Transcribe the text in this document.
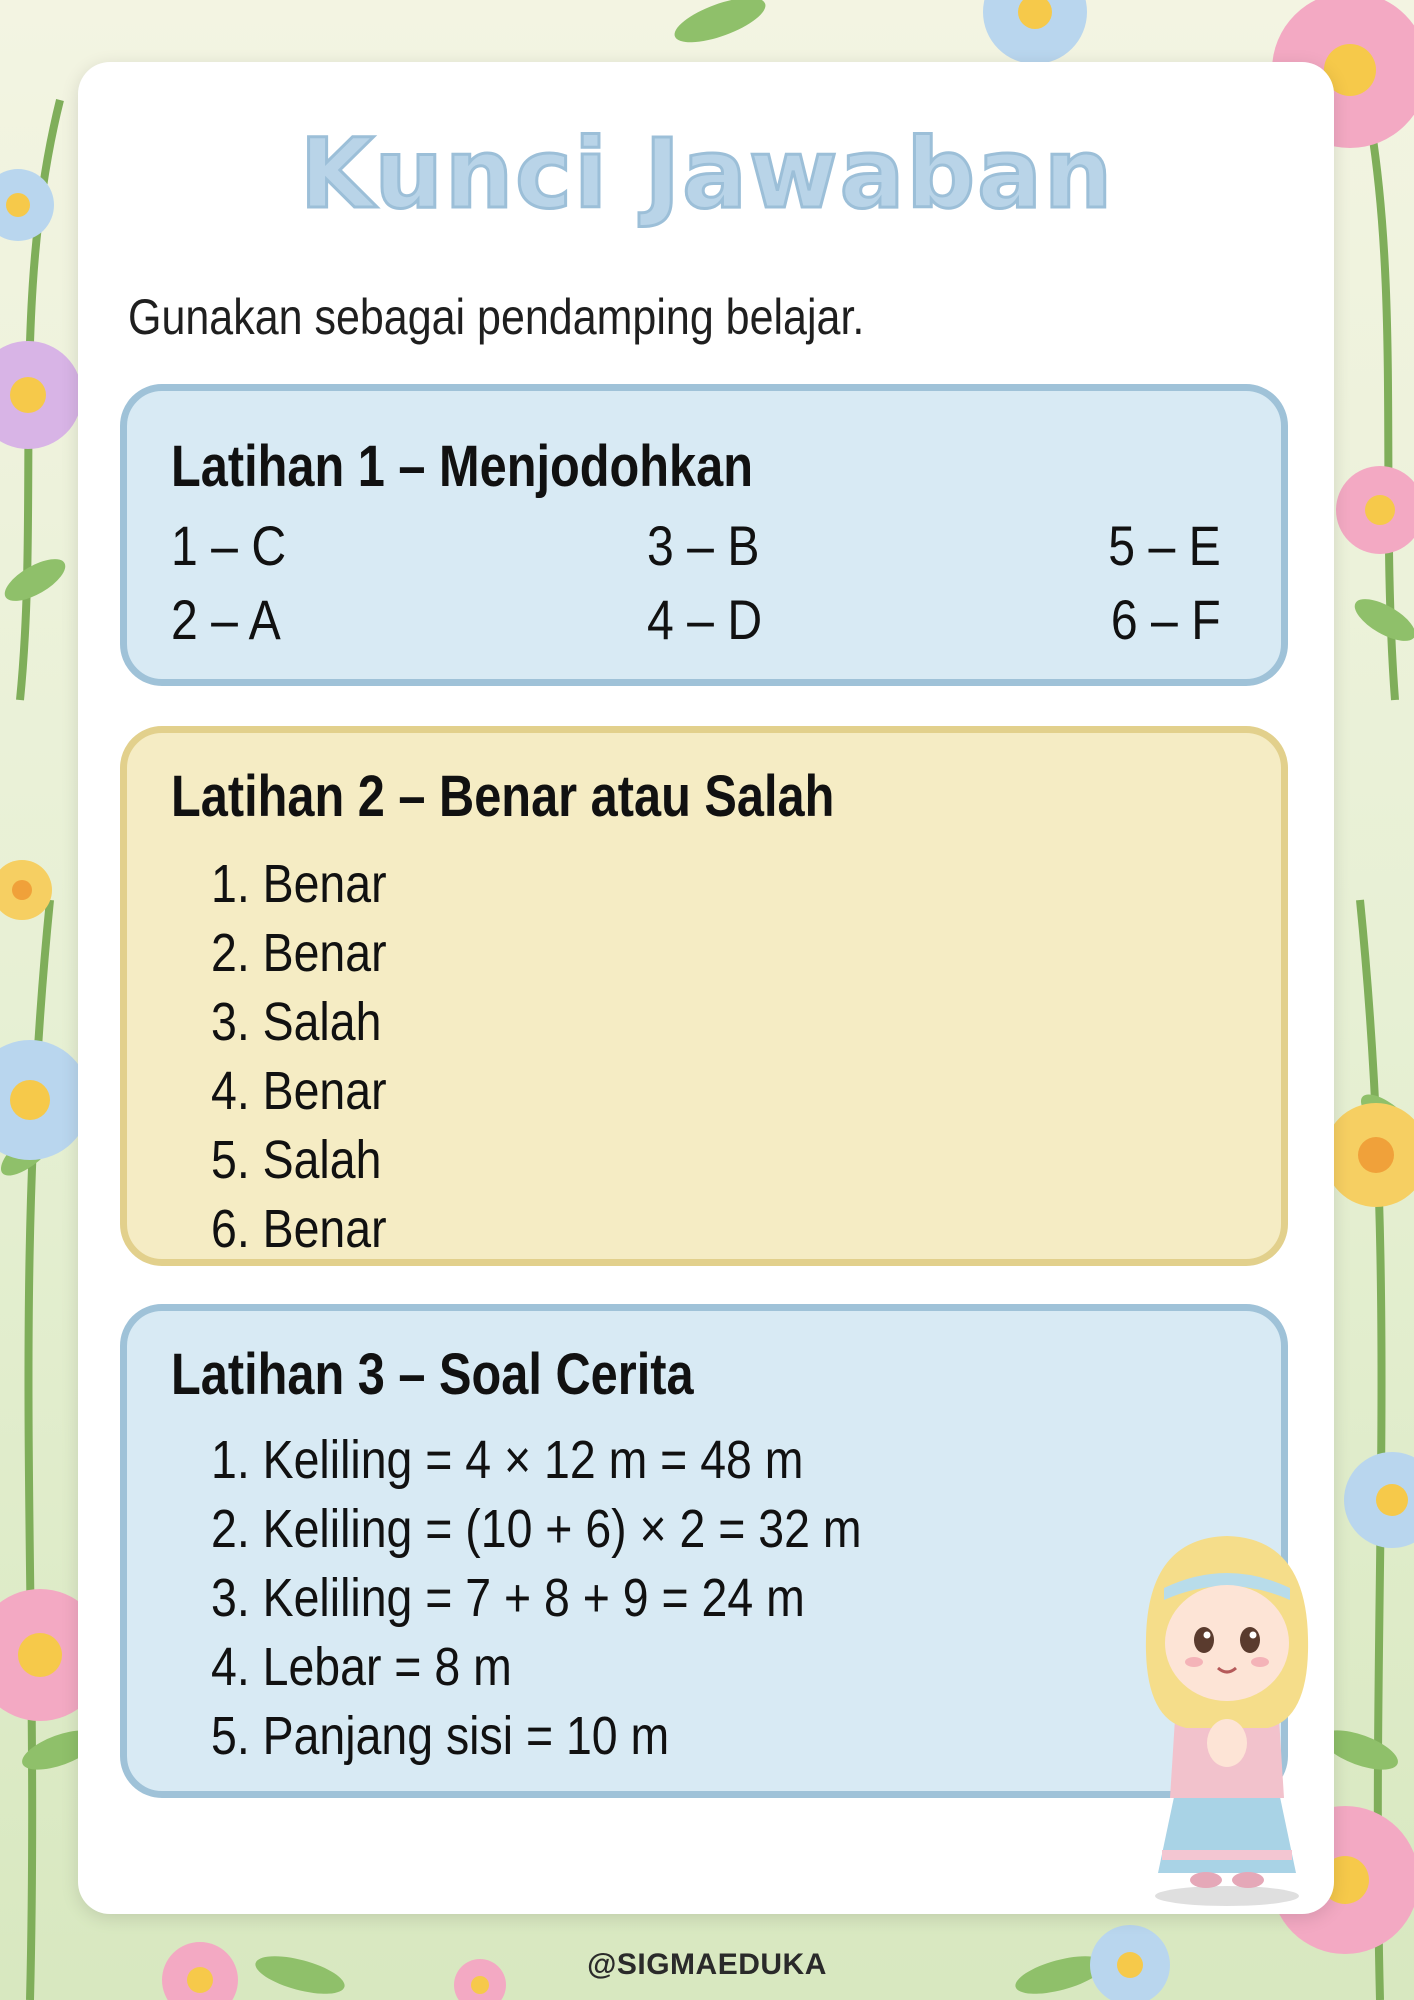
Kunci Jawaban
Gunakan sebagai pendamping belajar.
Latihan 1 – Menjodohkan
1 – C
2 – A
3 – B
4 – D
5 – E
6 – F
Latihan 2 – Benar atau Salah
1. Benar
2. Benar
3. Salah
4. Benar
5. Salah
6. Benar
Latihan 3 – Soal Cerita
1. Keliling = 4 × 12 m = 48 m
2. Keliling = (10 + 6) × 2 = 32 m
3. Keliling = 7 + 8 + 9 = 24 m
4. Lebar = 8 m
5. Panjang sisi = 10 m
@SIGMAEDUKA
